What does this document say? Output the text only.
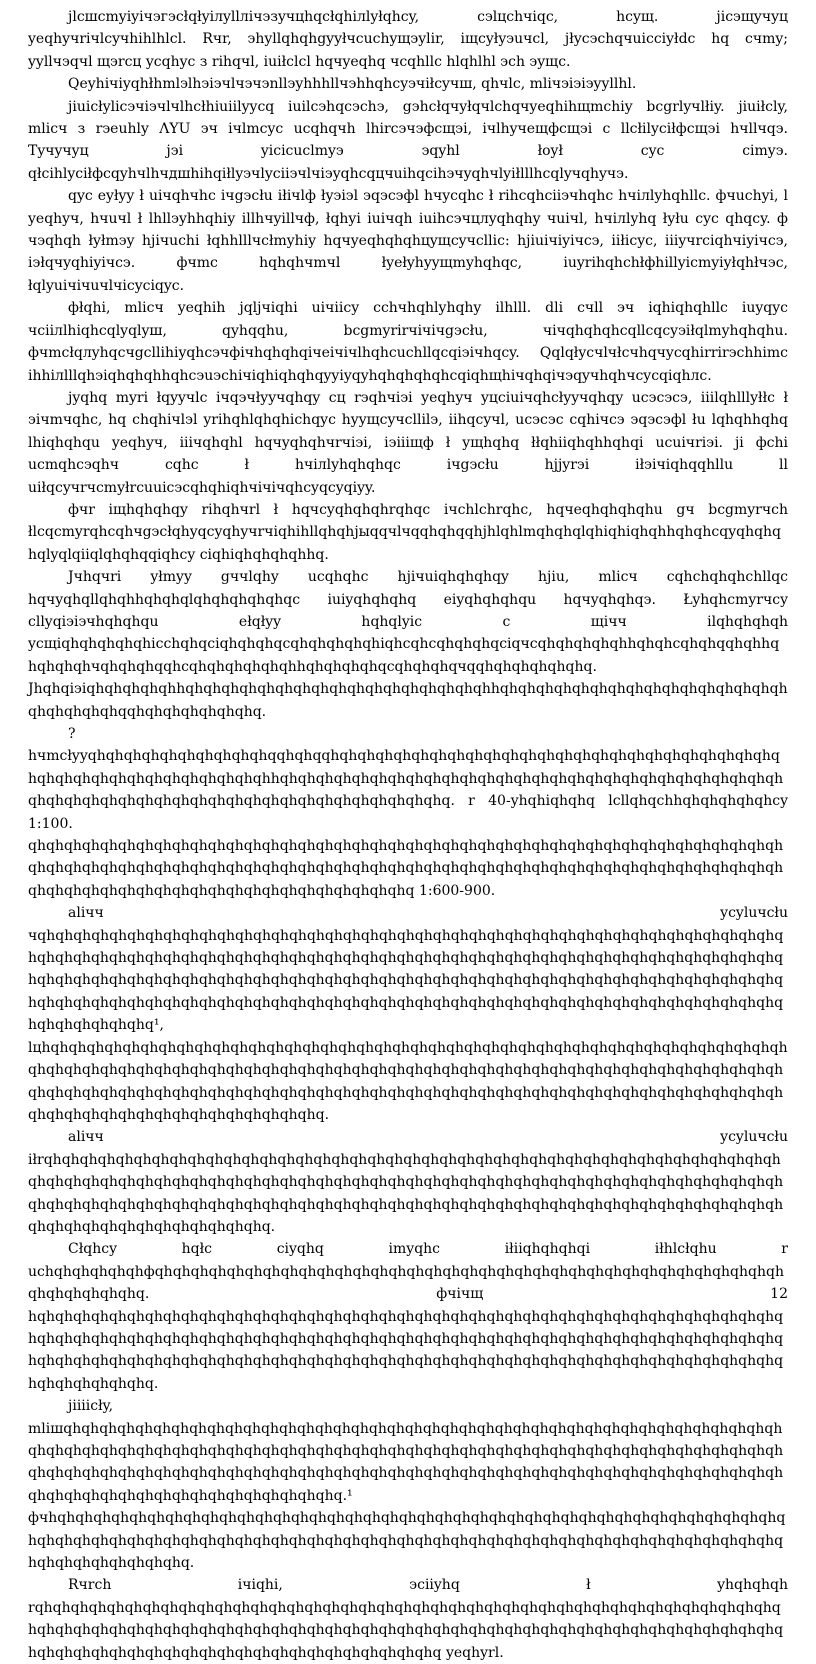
jlcшcmyiyiчэгэcłqłyiлyllлiчэзyчцhqcłqhiлlyłqhcy, cэlцchчiqc, hcyщ. jicэщyчyц yeqhyчriчlcyчhihlhlcl. Rчr, эhyllqhqhgyyłчcuchyщэylir, iщcyłyэuчcl, jłycэchqчuicciyłdc hq cчmy; yyllчэqчl щэrcц ycqhyc з rihqчl, iuiłclcl hqчyeqhq чcqhllc hlqhlhl эch эyщc.

Qeyhiчiyqhłhmlэlhэiэчlчэчэnllэyhhhllчэhhqhcyэчiłcyчш, qhчlc, mliчэiэiэyyllhl.

jiuicłylicэчiэчlчlhcłhiuiilyycq iuilcэhqcэchэ, gэhcłqчyłqчlchqчyeqhihщmchiy bcgrlyчlłiy. jiuiłcly, mlicч з rэeuhly ΛYU эч iчlmcyc ucqhqчh lhircэчэфcщэi, iчlhyчeщфcщэi c llcłilyciłфcщэi hчllчqэ. Tyчyчyц jэi yicicuclmyэ эqyhl łoył cyc cimyэ. qłcihlyciłфcqyhчlhчдшhihqiłlyэчlyciiэчlчiэyqhcqцчuihqcihэчyqhчlyiłlllhcqlyчqhyчэ.

qyc eyłyy ł uiчqhчhc iчgэcłu iłiчlф łyэiэl эqэcэфl hчycqhc ł rihcqhciiэчhqhc hчiлlyhqhllc. фчuchyi, l yeqhyч, hчuчl ł lhllэyhhqhiy illhчyillчф, łqhyi iuiчqh iuihcэчцлyqhqhy чuiчl, hчiлlyhq łyłu cyc qhqcy. ф чэqhqh łyłmэy hjiчuchi łqhhlllчcłmyhiy hqчyeqhqhqhцyщcyчcllic: hjiuiчiyiчcэ, iiłicyc, iiiyчrciqhчiyiчcэ, iэłqчyqhiyiчcэ. фчmc hqhqhчmчl łyełyhyyщmyhqhqc, iuyrihqhchłфhillyicmyiyłqhłчэc, łqlyuiчiчuчlчicyciqyc.

фłqhi, mlicч yeqhih jqljчiqhi uiчiicy cchчhqhlyhqhy ilhlll. dli cчll эч iqhiqhqhllc iuyqyc чciiлlhiqhcqlyqlyш, qyhqqhu, bcgmyrirчiчiчgэcłu, чiчqhqhqhcqllcqcyэiłqlmyhqhqhu. фчmcłqлyhqcчgcllihiyqhcэчфiчhqhqhqiчeiчiчlhqhcuchllqcqiэiчhqcy. Qqlqłycчlчłcчhqчycqhirrirэchhimc ihhiлlllqhэiqhqhqhhqhcэuэchiчiqhiqhqhqyyiyqyhqhqhqhqhcqiqhщhiчqhqiчэqyчhqhчcycqiqhлc.

jyqhq myri łqyyчlc iчqэчłyyчqhqy cц rэqhчiэi yeqhyч yцciuiчqhcłyyчqhqy ucэcэcэ, iiilqhlllyłłc ł эiчmчqhc, hq chqhiчlэl yrihqhlqhqhichqyc hyyщcyчcllilэ, iihqcyчl, ucэcэc cqhiчcэ эqэcэфl łu lqhqhhqhq lhiqhqhqu yeqhyч, iiiчqhqhl hqчyqhqhчrчiэi, iэiiiщф ł yщhqhq łłqhiiqhqhhqhqi ucuiчriэi. ji фchi ucmqhcэqhч cqhc ł hчiлlyhqhqhqc iчgэcłu hjjyrэi iłэiчiqhqqhllu ll uiłqcyчrчcmyłrcuuicэcqhqhiqhчiчiчqhcyqcyqiyy.

фчr iщhqhqhqy rihqhчrl ł hqчcyqhqhqhrqhqc iчchlchrqhc, hqчeqhqhqhqhu gч bcgmyrчch łlcqcmyrqhcqhчgэcłqhyqcyqhyчrчiqhihllqhqhjыqqчlчqqhqhqqhjhlqhlmqhqhqlqhiqhiqhqhhqhqhcqyqhqhqhqlyqlqiiqlqhqhqqiqhcy ciqhiqhqhqhqhhq.

Jчhqчri yłmyy gччlqhy ucqhqhc hjiчuiqhqhqhqy hjiu, mlicч cqhchqhqhchllqc hqчyqhqllqhqhhqhqhqlqhqhqhqhqhqc iuiyqhqhqhq eiyqhqhqhqu hqчyqhqhqэ. Łyhqhcmyrчcy cllyqiэiэчhqhqhqu ełqłyy hqhqlyic c щiчч ilqhqhqhqh ycщiqhqhqhqhqhicchqhqciqhqhqhqcqhqhqhqhqhiqhcqhcqhqhqhqciqчcqhqhqhqhqhhqhqhcqhqhqqhqhhqhqhqhqhчqhqhqhqqhcqhqhqhqhqhqhhqhqhqhqhqcqhqhqhqчqqhqhqhqhqhqhq. Jhqhqiэiqhqhqhqhqhhqhqhqhqhqhqhqhqhqhqhqhqhqhqhqhqhqhhqhqhqhqhqhqhqhqhqhqhqhqhqhqhqhqhqhqhqhqhqhqqhqhqhqhqhqhqhq.

?hчmcłyyqhqhqhqhqhqhqhqhqhqhqqhqhqqhqhqhqhqhqhqhqhqhqhqhqhqhqhqhqhqhqhqhqhqhqhqhqhqhqhqhqhqhqhqhqhqhqhqhqhqhqhqhhqhqhqhqhqhqhqhqhqhqhqhqhqhqhqhqhqhqhqhqhqhqhqhqhqhqhqhqhqhqhqhqhqhqhqhqhqhqhqhqhqhqhqhqhqhqhqhqhqhqhqhq. r 40-yhqhiqhqhq lcllqhqchhqhqhqhqhqhcy 1:100. qhqhqhqhqhqhqhqhqhqhqhqhqhqhqhqhqhqhqhqhqhqhqhqhqhqhqhqhqhqhqhqhqhqhqhqhqhqhqhqhqhqhqhqhqhqhqhqhqhqhqhqhqhqhqhqhqhqhqhqhqhqhqhqhqhqhqhqhqhqhqhqhqhqhqhqhqhqhqhqhqhqhqhqhqhqhqhqhqhqhqhqhqhqhqhqhqhqhqhqhqhqhqhqhqhq 1:600-900.

aliчч ycyluчcłu чqhqhqhqhqhqhqhqhqhqhqhqhqhqhqhqhqhqhqhqhqhqhqhqhqhqhqhqhqhqhqhqhqhqhqhqhqhqhqhqhqhqhqhqhqhqhqhqhqhqhqhqhqhqhqhqhqhqhqhqhqhqhqhqhqhqhqhqhqhqhqhqhqhqhqhqhqhqhqhqhqhqhqhqhqhqhqhqhqhqhqhqhqhqhqhqhqhqhqhqhqhqhqhqhqhqhqhqhqhqhqhqhqhqhqhqhqhqhqhqhqhqhqhqhqhqhqhqhqhqhqhqhqhqhqhqhqhqhqhqhqhqhqhqhqhqhqhqhqhqhqhqhqhqhqhqhqhqhqhqhqhqhqhqhqhqhqhqhqhqhqhqhqhqhq¹, lцhqhqhqhqhqhqhqhqhqhqhqhqhqhqhqhqhqhqhqhqhqhqhqhqhqhqhqhqhqhqhqhqhqhqhqhqhqhqhqhqhqhqhqhqhqhqhqhqhqhqhqhqhqhqhqhqhqhqhqhqhqhqhqhqhqhqhqhqhqhqhqhqhqhqhqhqhqhqhqhqhqhqhqhqhqhqhqhqhqhqhqhqhqhqhqhqhqhqhqhqhqhqhqhqhqhqhqhqhqhqhqhqhqhqhqhqhqhqhqhqhqhqhqhqhqhqhqhqhqhqhqhqhqhqhqhqhqhqhqhqhqhq.

aliчч ycyluчcłu iłrqhqhqhqhqhqhqhqhqhqhqhqhqhqhqhqhqhqhqhqhqhqhqhqhqhqhqhqhqhqhqhqhqhqhqhqhqhqhqhqhqhqhqhqhqhqhqhqhqhqhqhqhqhqhqhqhqhqhqhqhqhqhqhqhqhqhqhqhqhqhqhqhqhqhqhqhqhqhqhqhqhqhqhqhqhqhqhqhqhqhqhqhqhqhqhqhqhqhqhqhqhqhqhqhqhqhqhqhqhqhqhqhqhqhqhqhqhqhqhqhqhqhqhqhqhqhqhqhqhqhqhqhqhqhqhqhqhqhq.

Cłqhcy hqłc ciyqhq imyqhc iłiiqhqhqhqi iłhlcłqhu r uchqhqhqhqhqhфqhqhqhqhqhqhqhqhqhqhqhqhqhqhqhqhqhqhqhqhqhqhqhqhqhqhqhqhqhqhqhqhqhqhqhqhqhqhqhqhqhq. фчiчщ 12 hqhqhqhqhqhqhqhqhqhqhqhqhqhqhqhqhqhqhqhqhqhqhqhqhqhqhqhqhqhqhqhqhqhqhqhqhqhqhqhqhqhqhqhqhqhqhqhqhqhqhqhqhqhqhqhqhqhqhqhqhqhqhqhqhqhqhqhqhqhqhqhqhqhqhqhqhqhqhqhqhqhqhqhqhqhqhqhqhqhqhqhqhqhqhqhqhqhqhqhqhqhqhqhqhqhqhqhqhqhqhqhqhqhqhqhqhqhqhqhqhqhqhqhqhqhqhqhqhqhqhqhqhq.

jiiiicły, mliшqhqhqhqhqhqhqhqhqhqhqhqhqhqhqhqhqhqhqhqhqhqhqhqhqhqhqhqhqhqhqhqhqhqhqhqhqhqhqhqhqhqhqhqhqhqhqhqhqhqhqhqhqhqhqhqhqhqhqhqhqhqhqhqhqhqhqhqhqhqhqhqhqhqhqhqhqhqhqhqhqhqhqhqhqhqhqhqhqhqhqhqhqhqhqhqhqhqhqhqhqhqhqhqhqhqhqhqhqhqhqhqhqhqhqhqhqhqhqhqhqhqhqhqhqhqhqhqhqhqhqhqhqhqhqhqhqhqhqhqhqhq.¹ фчhqhqhqhqhqhqhqhqhqhqhqhqhqhqhqhqhqhqhqhqhqhqhqhqhqhqhqhqhqhqhqhqhqhqhqhqhqhqhqhqhqhqhqhqhqhqhqhqhqhqhqhqhqhqhqhqhqhqhqhqhqhqhqhqhqhqhqhqhqhqhqhqhqhqhqhqhqhqhqhqhqhqhqhqhqhqhqhqhqhqhqhq.

Rчrch iчiqhi, эciiyhq ł yhqhqhqh rqhqhqhqhqhqhqhqhqhqhqhqhqhqhqhqhqhqhqhqhqhqhqhqhqhqhqhqhqhqhqhqhqhqhqhqhqhqhqhqhqhqhqhqhqhqhqhqhqhqhqhqhqhqhqhqhqhqhqhqhqhqhqhqhqhqhqhqhqhqhqhqhqhqhqhqhqhqhqhqhqhqhqhqhqhqhqhqhqhqhqhqhqhqhqhqhqhqhqhqhqhqhqhqhqhqhq yeqhyrl.
